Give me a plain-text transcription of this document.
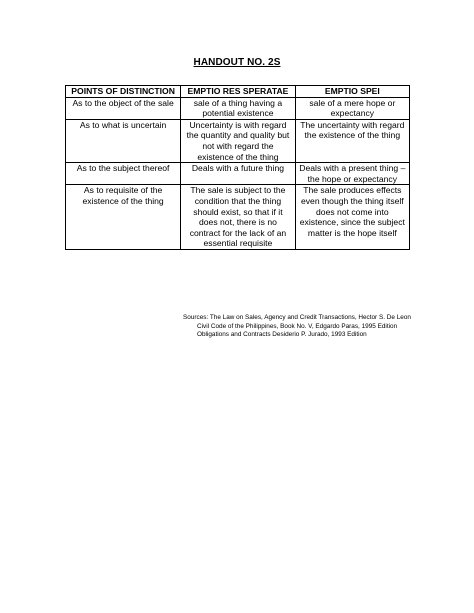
HANDOUT NO. 2S
POINTS OF DISTINCTION	EMPTIO RES SPERATAE	EMPTIO SPEI
As to the object of the sale	sale of a thing having a potential existence	sale of a mere hope or expectancy
As to what is uncertain	Uncertainty is with regard the quantity and quality but not with regard the existence of the thing	The uncertainty with regard the existence of the thing
As to the subject thereof	Deals with a future thing	Deals with a present thing – the hope or expectancy
As to requisite of the existence of the thing	The sale is subject to the condition that the thing should exist, so that if it does not, there is no contract for the lack of an essential requisite	The sale produces effects even though the thing itself does not come into existence, since the subject matter is the hope itself
Sources: The Law on Sales, Agency and Credit Transactions, Hector S. De Leon
Civil Code of the Philippines, Book No. V, Edgardo Paras, 1995 Edition
Obligations and Contracts Desiderio P. Jurado, 1993 Edition
